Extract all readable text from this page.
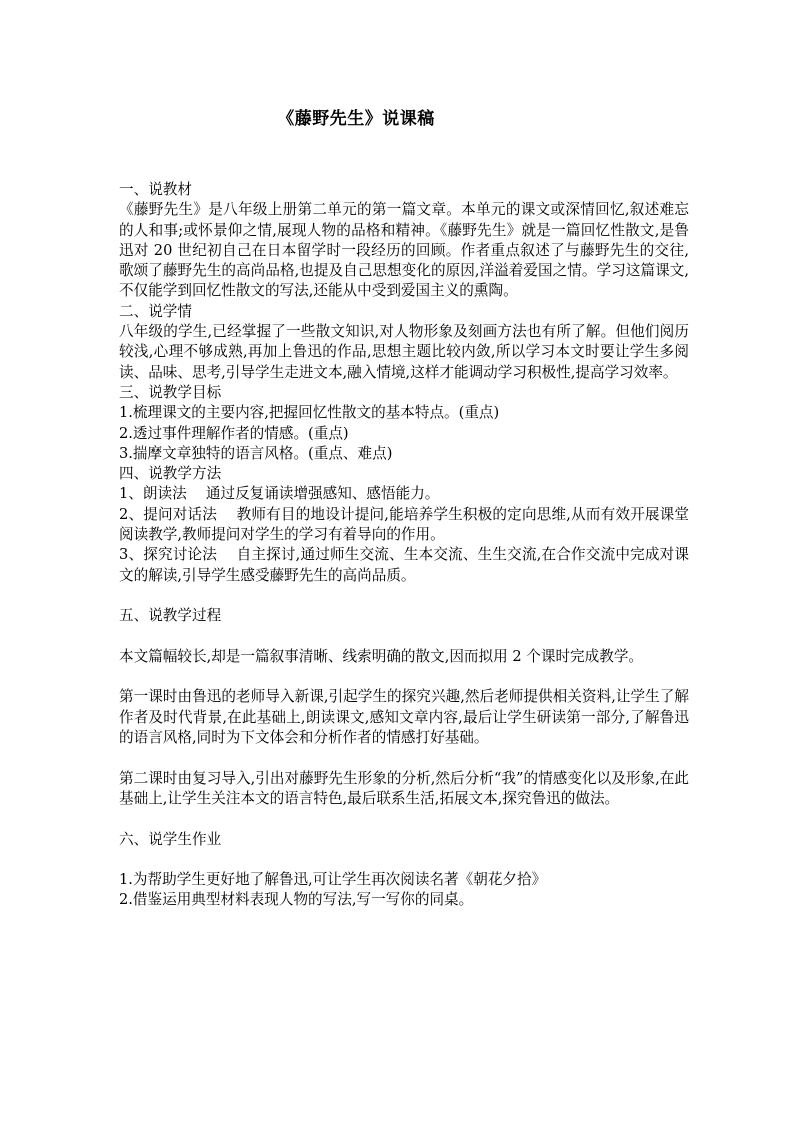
《藤野先生》说课稿

一、说教材

《藤野先生》是八年级上册第二单元的第一篇文章。本单元的课文或深情回忆,叙述难忘的人和事;或怀景仰之情,展现人物的品格和精神。《藤野先生》就是一篇回忆性散文,是鲁迅对 20 世纪初自己在日本留学时一段经历的回顾。作者重点叙述了与藤野先生的交往,歌颂了藤野先生的高尚品格,也提及自己思想变化的原因,洋溢着爱国之情。学习这篇课文,不仅能学到回忆性散文的写法,还能从中受到爱国主义的熏陶。

二、说学情

八年级的学生,已经掌握了一些散文知识,对人物形象及刻画方法也有所了解。但他们阅历较浅,心理不够成熟,再加上鲁迅的作品,思想主题比较内敛,所以学习本文时要让学生多阅读、品味、思考,引导学生走进文本,融入情境,这样才能调动学习积极性,提高学习效率。

三、说教学目标

1.梳理课文的主要内容,把握回忆性散文的基本特点。(重点)

2.透过事件理解作者的情感。(重点)

3.揣摩文章独特的语言风格。(重点、难点)

四、说教学方法

1、朗读法　 通过反复诵读增强感知、感悟能力。

2、提问对话法　 教师有目的地设计提问,能培养学生积极的定向思维,从而有效开展课堂阅读教学,教师提问对学生的学习有着导向的作用。

3、探究讨论法　 自主探讨,通过师生交流、生本交流、生生交流,在合作交流中完成对课文的解读,引导学生感受藤野先生的高尚品质。

五、说教学过程

本文篇幅较长,却是一篇叙事清晰、线索明确的散文,因而拟用 2 个课时完成教学。

第一课时由鲁迅的老师导入新课,引起学生的探究兴趣,然后老师提供相关资料,让学生了解作者及时代背景,在此基础上,朗读课文,感知文章内容,最后让学生研读第一部分,了解鲁迅的语言风格,同时为下文体会和分析作者的情感打好基础。

第二课时由复习导入,引出对藤野先生形象的分析,然后分析“我”的情感变化以及形象,在此基础上,让学生关注本文的语言特色,最后联系生活,拓展文本,探究鲁迅的做法。

六、说学生作业

1.为帮助学生更好地了解鲁迅,可让学生再次阅读名著《朝花夕拾》

2.借鉴运用典型材料表现人物的写法,写一写你的同桌。
